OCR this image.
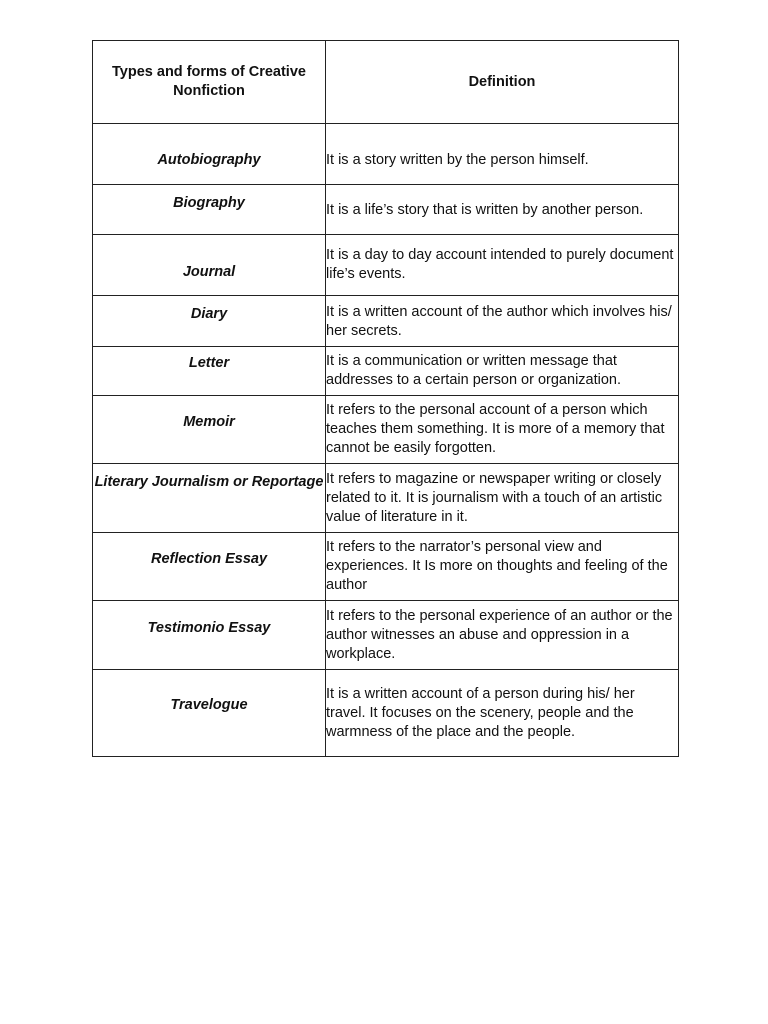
Types and forms of Creative Nonfiction	Definition

Autobiography	It is a story written by the person himself.

Biography	It is a life’s story that is written by another person.

Journal	It is a day to day account intended to purely document life’s events.

Diary	It is a written account of the author which involves his/ her secrets.

Letter	It is a communication or written message that addresses to a certain person or organization.

Memoir	It refers to the personal account of a person which teaches them something. It is more of a memory that cannot be easily forgotten.

Literary Journalism or Reportage	It refers to magazine or newspaper writing or closely related to it. It is journalism with a touch of an artistic value of literature in it.

Reflection Essay	It refers to the narrator’s personal view and experiences. It Is more on thoughts and feeling of the author

Testimonio Essay	It refers to the personal experience of an author or the author witnesses an abuse and oppression in a workplace.

Travelogue	It is a written account of a person during his/ her travel. It focuses on the scenery, people and the warmness of the place and the people.
